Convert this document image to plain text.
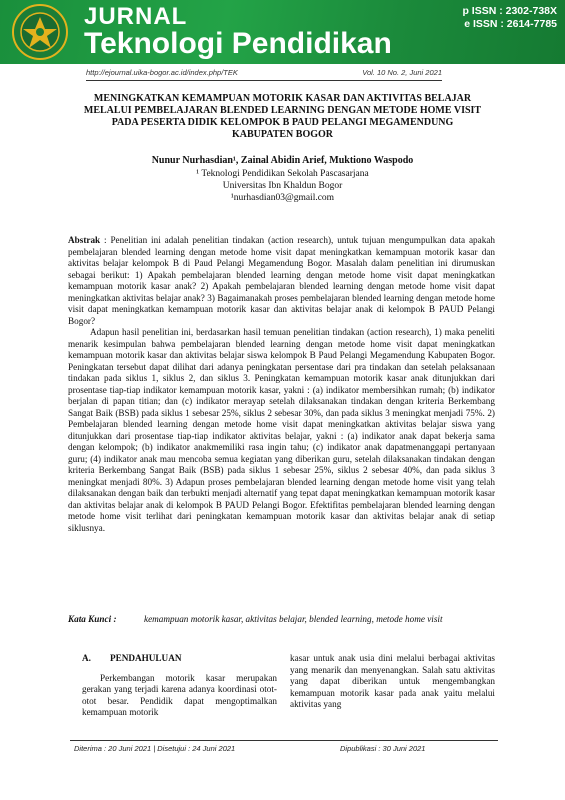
JURNAL
Teknologi Pendidikan
p ISSN : 2302-738X
e ISSN : 2614-7785
http://ejournal.uika-bogor.ac.id/index.php/TEK	Vol. 10 No. 2, Juni 2021
MENINGKATKAN KEMAMPUAN MOTORIK KASAR DAN AKTIVITAS BELAJAR MELALUI PEMBELAJARAN BLENDED LEARNING DENGAN METODE HOME VISIT PADA PESERTA DIDIK KELOMPOK B PAUD PELANGI MEGAMENDUNG KABUPATEN BOGOR
Nunur Nurhasdian¹, Zainal Abidin Arief, Muktiono Waspodo
¹ Teknologi Pendidikan Sekolah Pascasarjana
Universitas Ibn Khaldun Bogor
¹nurhasdian03@gmail.com

Abstrak : Penelitian ini adalah penelitian tindakan (action research), untuk tujuan mengumpulkan data apakah pembelajaran blended learning dengan metode home visit dapat meningkatkan kemampuan motorik kasar dan aktivitas belajar kelompok B di Paud Pelangi Megamendung Bogor. Masalah dalam penelitian ini dirumuskan sebagai berikut: 1) Apakah pembelajaran blended learning dengan metode home visit dapat meningkatkan kemampuan motorik kasar anak? 2) Apakah pembelajaran blended learning dengan metode home visit dapat meningkatkan aktivitas belajar anak? 3) Bagaimanakah proses pembelajaran blended learning dengan metode home visit dapat meningkatkan kemampuan motorik kasar dan aktivitas belajar anak di kelompok B PAUD Pelangi Bogor?

Adapun hasil penelitian ini, berdasarkan hasil temuan penelitian tindakan (action research), 1) maka peneliti menarik kesimpulan bahwa pembelajaran blended learning dengan metode home visit dapat meningkatkan kemampuan motorik kasar dan aktivitas belajar siswa kelompok B Paud Pelangi Megamendung Kabupaten Bogor. Peningkatan tersebut dapat dilihat dari adanya peningkatan persentase dari pra tindakan dan setelah pelaksanaan tindakan pada siklus 1, siklus 2, dan siklus 3. Peningkatan kemampuan motorik kasar anak ditunjukkan dari prosentase tiap-tiap indikator kemampuan motorik kasar, yakni : (a) indikator membersihkan rumah; (b) indikator berjalan di papan titian; dan (c) indikator merayap setelah dilaksanakan tindakan dengan kriteria Berkembang Sangat Baik (BSB) pada siklus 1 sebesar 25%, siklus 2 sebesar 30%, dan pada siklus 3 meningkat menjadi 75%. 2) Pembelajaran blended learning dengan metode home visit dapat meningkatkan aktivitas belajar siswa yang ditunjukkan dari prosentase tiap-tiap indikator aktivitas belajar, yakni : (a) indikator anak dapat bekerja sama dengan kelompok; (b) indikator anakmemiliki rasa ingin tahu; (c) indikator anak dapatmenanggapi pertanyaan guru; (4) indikator anak mau mencoba semua kegiatan yang diberikan guru, setelah dilaksanakan tindakan dengan kriteria Berkembang Sangat Baik (BSB) pada siklus 1 sebesar 25%, siklus 2 sebesar 40%, dan pada siklus 3 meningkat menjadi 80%. 3) Adapun proses pembelajaran blended learning dengan metode home visit yang telah dilaksanakan dengan baik dan terbukti menjadi alternatif yang tepat dapat meningkatkan kemampuan motorik kasar dan aktivitas belajar anak di kelompok B PAUD Pelangi Bogor. Efektifitas pembelajaran blended learning dengan metode home visit terlihat dari peningkatan kemampuan motorik kasar dan aktivitas belajar anak di setiap siklusnya.

Kata Kunci :	kemampuan motorik kasar, aktivitas belajar, blended learning, metode home visit
A. PENDAHULUAN

Perkembangan motorik kasar merupakan gerakan yang terjadi karena adanya koordinasi otot-otot besar. Pendidik dapat mengoptimalkan kemampuan motorik

kasar untuk anak usia dini melalui berbagai aktivitas yang menarik dan menyenangkan. Salah satu aktivitas yang dapat diberikan untuk mengembangkan kemampuan motorik kasar pada anak yaitu melalui aktivitas yang

Diterima : 20 Juni 2021 | Disetujui : 24 Juni 2021	Dipublikasi : 30 Juni 2021
